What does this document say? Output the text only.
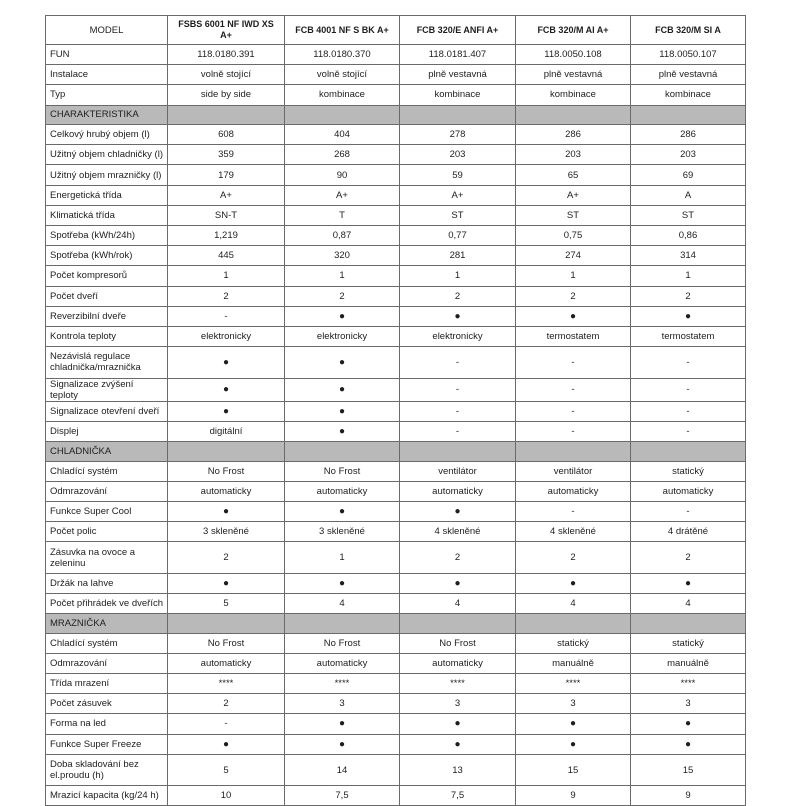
MODEL	FSBS 6001 NF IWD XS A+	FCB 4001 NF S BK A+	FCB 320/E ANFI A+	FCB 320/M AI A+	FCB 320/M SI A
FUN	118.0180.391	118.0180.370	118.0181.407	118.0050.108	118.0050.107
Instalace	volně stojící	volně stojící	plně vestavná	plně vestavná	plně vestavná
Typ	side by side	kombinace	kombinace	kombinace	kombinace
CHARAKTERISTIKA					
Celkový hrubý objem (l)	608	404	278	286	286
Užitný objem chladničky (l)	359	268	203	203	203
Užitný objem mrazničky (l)	179	90	59	65	69
Energetická třída	A+	A+	A+	A+	A
Klimatická třída	SN-T	T	ST	ST	ST
Spotřeba (kWh/24h)	1,219	0,87	0,77	0,75	0,86
Spotřeba (kWh/rok)	445	320	281	274	314
Počet kompresorů	1	1	1	1	1
Počet dveří	2	2	2	2	2
Reverzibilní dveře	-	●	●	●	●
Kontrola teploty	elektronicky	elektronicky	elektronicky	termostatem	termostatem
Nezávislá regulace chladnička/mraznička	●	●	-	-	-
Signalizace zvýšení teploty	●	●	-	-	-
Signalizace otevření dveří	●	●	-	-	-
Displej	digitální	●	-	-	-
CHLADNIČKA					
Chladící systém	No Frost	No Frost	ventilátor	ventilátor	statický
Odmrazování	automaticky	automaticky	automaticky	automaticky	automaticky
Funkce Super Cool	●	●	●	-	-
Počet polic	3 skleněné	3 skleněné	4 skleněné	4 skleněné	4 drátěné
Zásuvka na ovoce a zeleninu	2	1	2	2	2
Držák na lahve	●	●	●	●	●
Počet přihrádek ve dveřích	5	4	4	4	4
MRAZNIČKA					
Chladící systém	No Frost	No Frost	No Frost	statický	statický
Odmrazování	automaticky	automaticky	automaticky	manuálně	manuálně
Třída mrazení	****	****	****	****	****
Počet zásuvek	2	3	3	3	3
Forma na led	-	●	●	●	●
Funkce Super Freeze	●	●	●	●	●
Doba skladování bez el.proudu (h)	5	14	13	15	15
Mrazicí kapacita (kg/24 h)	10	7,5	7,5	9	9
